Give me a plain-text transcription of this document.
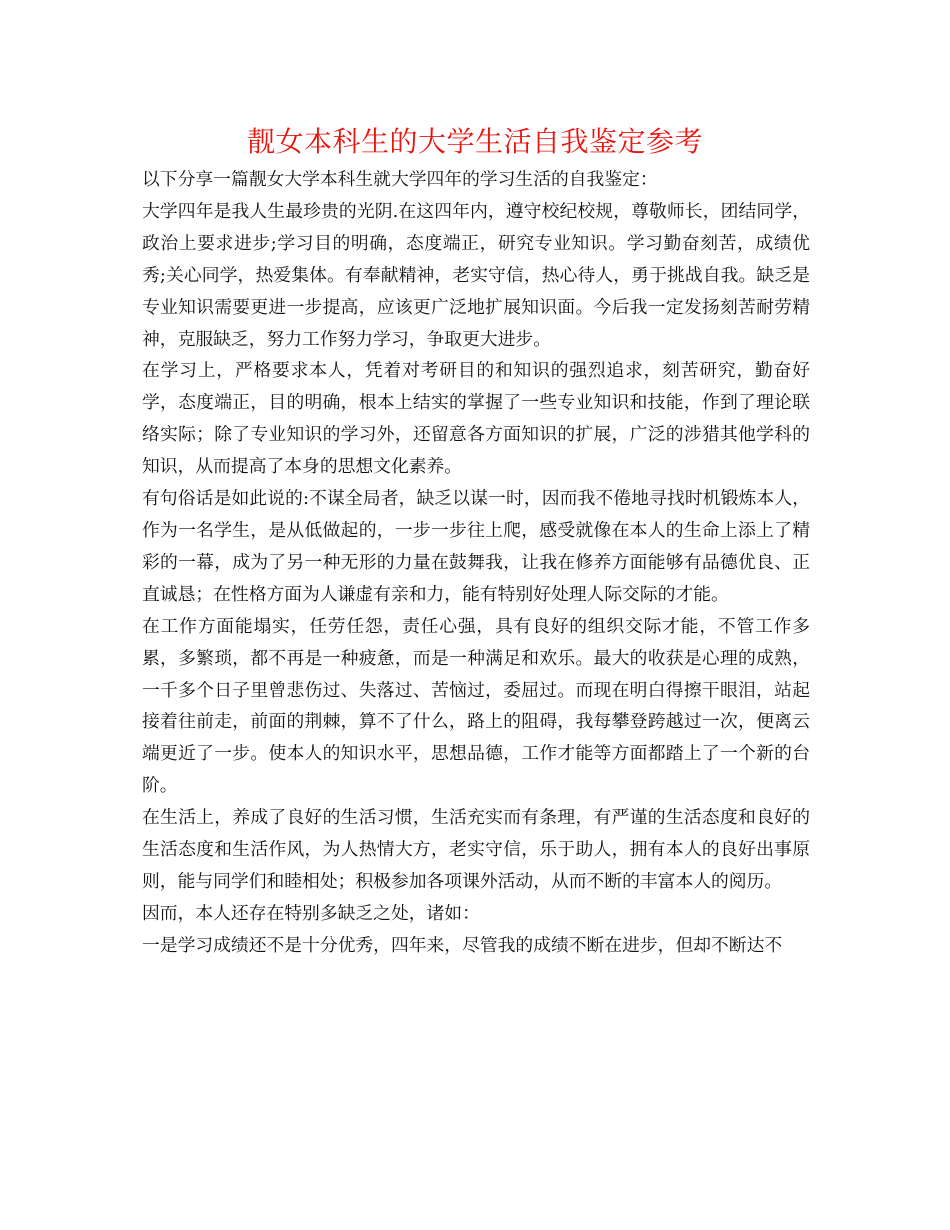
靓女本科生的大学生活自我鉴定参考

以下分享一篇靓女大学本科生就大学四年的学习生活的自我鉴定：

大学四年是我人生最珍贵的光阴.在这四年内，遵守校纪校规，尊敬师长，团结同学，政治上要求进步;学习目的明确，态度端正，研究专业知识。学习勤奋刻苦，成绩优秀;关心同学，热爱集体。有奉献精神，老实守信，热心待人，勇于挑战自我。缺乏是专业知识需要更进一步提高，应该更广泛地扩展知识面。今后我一定发扬刻苦耐劳精神，克服缺乏，努力工作努力学习，争取更大进步。

在学习上，严格要求本人，凭着对考研目的和知识的强烈追求，刻苦研究，勤奋好学，态度端正，目的明确，根本上结实的掌握了一些专业知识和技能，作到了理论联络实际；除了专业知识的学习外，还留意各方面知识的扩展，广泛的涉猎其他学科的知识，从而提高了本身的思想文化素养。

有句俗话是如此说的:不谋全局者，缺乏以谋一时，因而我不倦地寻找时机锻炼本人，作为一名学生，是从低做起的，一步一步往上爬，感受就像在本人的生命上添上了精彩的一幕，成为了另一种无形的力量在鼓舞我，让我在修养方面能够有品德优良、正直诚恳；在性格方面为人谦虚有亲和力，能有特别好处理人际交际的才能。

在工作方面能塌实，任劳任怨，责任心强，具有良好的组织交际才能，不管工作多累，多繁琐，都不再是一种疲惫，而是一种满足和欢乐。最大的收获是心理的成熟，一千多个日子里曾悲伤过、失落过、苦恼过，委屈过。而现在明白得擦干眼泪，站起接着往前走，前面的荆棘，算不了什么，路上的阻碍，我每攀登跨越过一次，便离云端更近了一步。使本人的知识水平，思想品德，工作才能等方面都踏上了一个新的台阶。

在生活上，养成了良好的生活习惯，生活充实而有条理，有严谨的生活态度和良好的生活态度和生活作风，为人热情大方，老实守信，乐于助人，拥有本人的良好出事原则，能与同学们和睦相处；积极参加各项课外活动，从而不断的丰富本人的阅历。

因而，本人还存在特别多缺乏之处，诸如：

一是学习成绩还不是十分优秀，四年来，尽管我的成绩不断在进步，但却不断达不
